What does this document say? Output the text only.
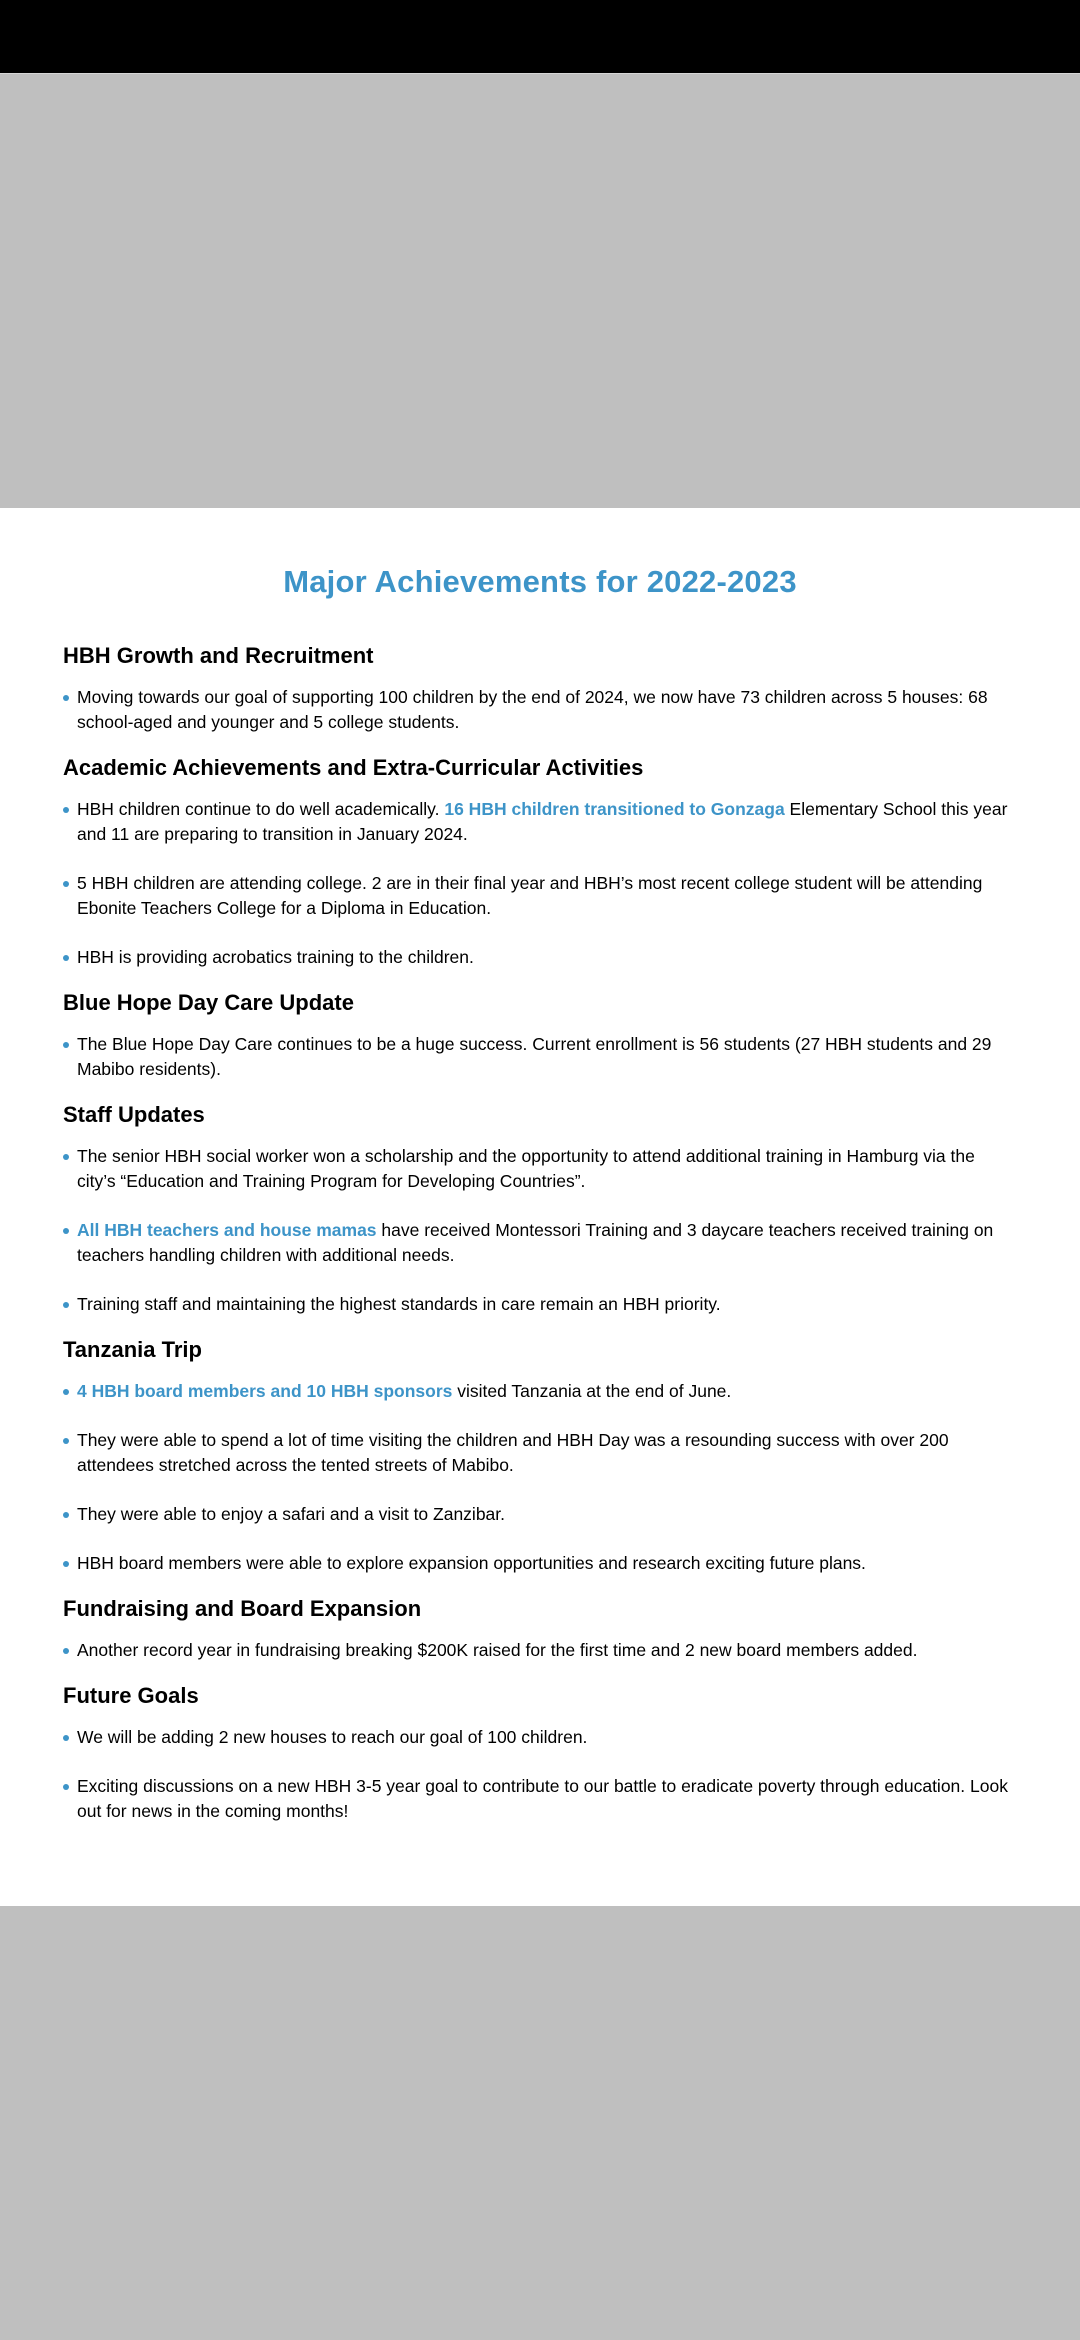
Major Achievements for 2022-2023
HBH Growth and Recruitment
Moving towards our goal of supporting 100 children by the end of 2024, we now have 73 children across 5 houses: 68 school-aged and younger and 5 college students.
Academic Achievements and Extra-Curricular Activities
HBH children continue to do well academically. 16 HBH children transitioned to Gonzaga Elementary School this year and 11 are preparing to transition in January 2024.
5 HBH children are attending college. 2 are in their final year and HBH’s most recent college student will be attending Ebonite Teachers College for a Diploma in Education.
HBH is providing acrobatics training to the children.
Blue Hope Day Care Update
The Blue Hope Day Care continues to be a huge success. Current enrollment is 56 students (27 HBH students and 29 Mabibo residents).
Staff Updates
The senior HBH social worker won a scholarship and the opportunity to attend additional training in Hamburg via the city’s “Education and Training Program for Developing Countries”.
All HBH teachers and house mamas have received Montessori Training and 3 daycare teachers received training on teachers handling children with additional needs.
Training staff and maintaining the highest standards in care remain an HBH priority.
Tanzania Trip
4 HBH board members and 10 HBH sponsors visited Tanzania at the end of June.
They were able to spend a lot of time visiting the children and HBH Day was a resounding success with over 200 attendees stretched across the tented streets of Mabibo.
They were able to enjoy a safari and a visit to Zanzibar.
HBH board members were able to explore expansion opportunities and research exciting future plans.
Fundraising and Board Expansion
Another record year in fundraising breaking $200K raised for the first time and 2 new board members added.
Future Goals
We will be adding 2 new houses to reach our goal of 100 children.
Exciting discussions on a new HBH 3-5 year goal to contribute to our battle to eradicate poverty through education. Look out for news in the coming months!
